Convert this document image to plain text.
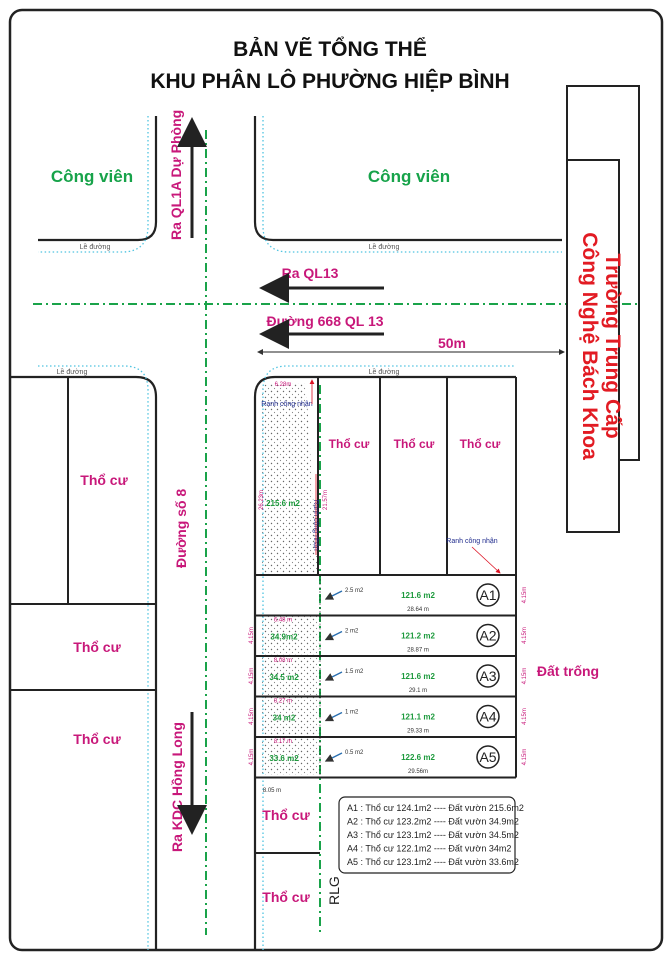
BẢN VẼ TỔNG THỂ
KHU PHÂN LÔ PHƯỜNG HIỆP BÌNH
Lề đường	Lề đường
Lề đường	Lề đường
Công viên	Công viên
Ra QL1A Dự Phòng
Ra QL13
Đường 668 QL 13
50m	Trường Trung Cấp
Công Nghệ Bách Khoa
Thổ cư
Thổ cư
Thổ cư
Đường số 8
Ra KDC Hồng Long
Thổ cư Thổ cư Thổ cư
6.28m
Ranh công nhận
215.6 m2
26.23m	21.57m
Ranh công nhận	Ranh công nhận
A1
121.6 m2
28.64 m
2.5 m2	4.15m
A2
121.2 m2
28.87 m
2 m2	4.15m
4.15m 34.9m2
6.48 m
A3
121.6 m2
29.1 m
1.5 m2	4.15m
4.15m 34.5 m2
8.08 m
A4
121.1 m2
29.33 m
1 m2	4.15m
4.15m 34 m2
8.27 m
A5
122.6 m2
29.56m
0.5 m2	4.15m
4.15m 33.6 m2
8.17 m
Đất trống
8.05 m
Thổ cư
Thổ cư RLG
A1 : Thổ cư 124.1m2 ---- Đất vườn 215.6m2
A2 : Thổ cư 123.2m2 ---- Đất vườn 34.9m2
A3 : Thổ cư 123.1m2 ---- Đất vườn 34.5m2
A4 : Thổ cư 122.1m2 ---- Đất vườn 34m2
A5 : Thổ cư 123.1m2 ---- Đất vườn 33.6m2
